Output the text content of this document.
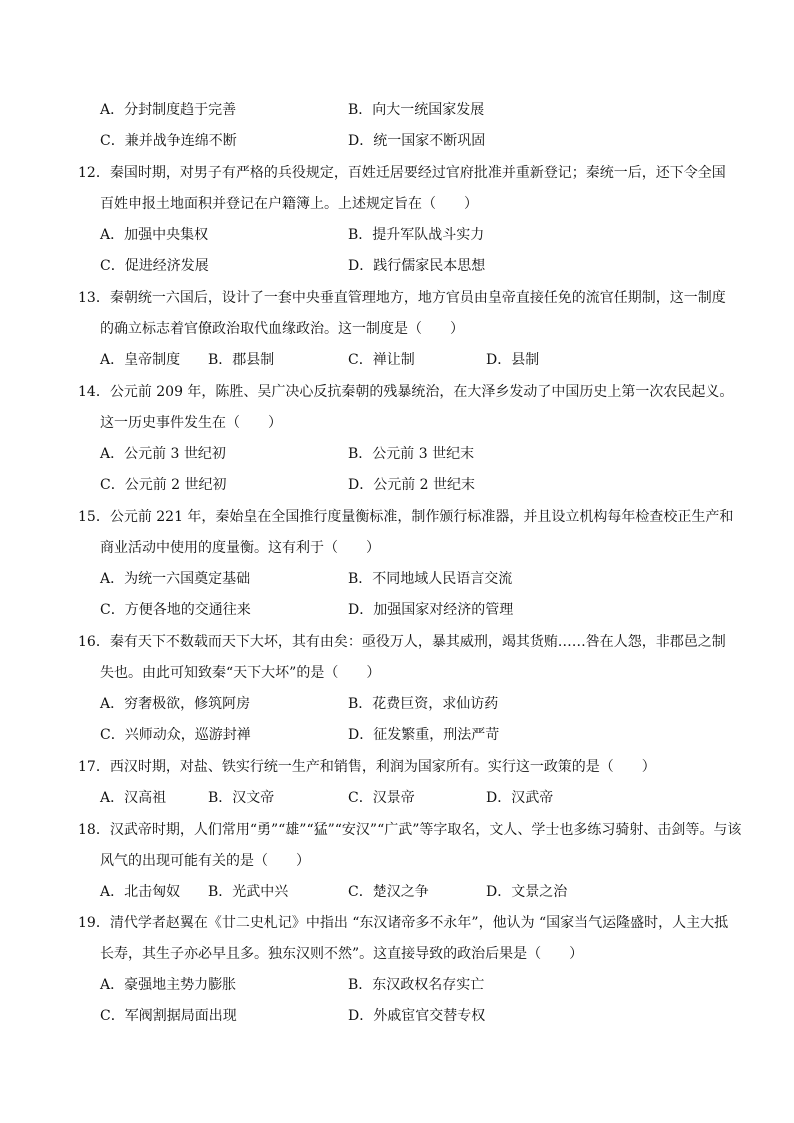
A．分封制度趋于完善	B．向大一统国家发展
C．兼并战争连绵不断	D．统一国家不断巩固
12．秦国时期，对男子有严格的兵役规定，百姓迁居要经过官府批准并重新登记；秦统一后，还下令全国
百姓申报土地面积并登记在户籍簿上。上述规定旨在（　　）
A．加强中央集权	B．提升军队战斗实力
C．促进经济发展	D．践行儒家民本思想
13．秦朝统一六国后，设计了一套中央垂直管理地方，地方官员由皇帝直接任免的流官任期制，这一制度
的确立标志着官僚政治取代血缘政治。这一制度是（　　）
A．皇帝制度 B．郡县制	C．禅让制	D．县制
14．公元前 209 年，陈胜、吴广决心反抗秦朝的残暴统治，在大泽乡发动了中国历史上第一次农民起义。
这一历史事件发生在（　　）
A．公元前 3 世纪初	B．公元前 3 世纪末
C．公元前 2 世纪初	D．公元前 2 世纪末
15．公元前 221 年，秦始皇在全国推行度量衡标准，制作颁行标准器，并且设立机构每年检查校正生产和
商业活动中使用的度量衡。这有利于（　　）
A．为统一六国奠定基础	B．不同地域人民语言交流
C．方便各地的交通往来	D．加强国家对经济的管理
16．秦有天下不数载而天下大坏，其有由矣：亟役万人，暴其威刑，竭其货贿……咎在人怨，非郡邑之制
失也。由此可知致秦“天下大坏”的是（　　）
A．穷奢极欲，修筑阿房	B．花费巨资，求仙访药
C．兴师动众，巡游封禅	D．征发繁重，刑法严苛
17．西汉时期，对盐、铁实行统一生产和销售，利润为国家所有。实行这一政策的是（　　）
A．汉高祖	B．汉文帝	C．汉景帝	D．汉武帝
18．汉武帝时期，人们常用“勇”“雄”“猛”“安汉”“广武”等字取名，文人、学士也多练习骑射、击剑等。与该
风气的出现可能有关的是（　　）
A．北击匈奴 B．光武中兴	C．楚汉之争	D．文景之治
19．清代学者赵翼在《廿二史札记》中指出 “东汉诸帝多不永年”，他认为 “国家当气运隆盛时，人主大抵
长寿，其生子亦必早且多。独东汉则不然”。这直接导致的政治后果是（　　）
A．豪强地主势力膨胀	B．东汉政权名存实亡
C．军阀割据局面出现	D．外戚宦官交替专权
